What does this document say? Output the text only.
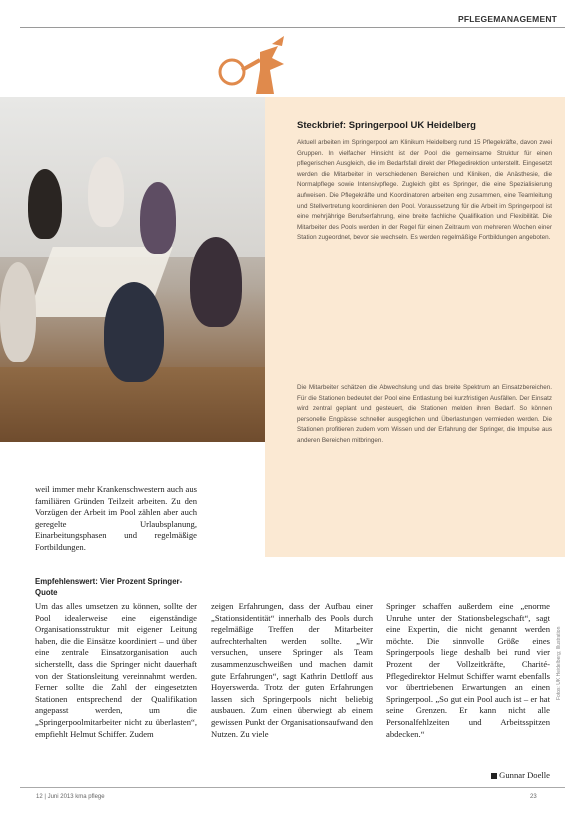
PFLEGEMANAGEMENT
Steckbrief: Springerpool UK Heidelberg

Aktuell arbeiten im Springerpool am Klinikum Heidelberg rund 15 Pflegekräfte, davon zwei Gruppen. In vielfacher Hinsicht ist der Pool die gemeinsame Struktur für einen pflegerischen Ausgleich, die im Bedarfsfall direkt der Pflegedirektion unterstellt. Eingesetzt werden die Mitarbeiter in verschiedenen Bereichen und Kliniken, die Anästhesie, die Normalpflege sowie Intensivpflege. Zugleich gibt es Springer, die eine Spezialisierung aufweisen. Die Pflegekräfte und Koordinatoren arbeiten eng zusammen, eine Teamleitung und Stellvertretung koordinieren den Pool. Voraussetzung für die Arbeit im Springerpool ist eine mehrjährige Berufserfahrung, eine breite fachliche Qualifikation und Flexibilität. Die Mitarbeiter des Pools werden in der Regel für einen Zeitraum von mehreren Wochen einer Station zugeordnet, bevor sie wechseln. Es werden regelmäßige Fortbildungen angeboten.

Die Mitarbeiter schätzen die Abwechslung und das breite Spektrum an Einsatzbereichen. Für die Stationen bedeutet der Pool eine Entlastung bei kurzfristigen Ausfällen. Der Einsatz wird zentral geplant und gesteuert, die Stationen melden ihren Bedarf. So können personelle Engpässe schneller ausgeglichen und Überlastungen vermieden werden. Die Stationen profitieren zudem vom Wissen und der Erfahrung der Springer, die Impulse aus anderen Bereichen mitbringen.

weil immer mehr Krankenschwestern auch aus familiären Gründen Teilzeit arbeiten. Zu den Vorzügen der Arbeit im Pool zählen aber auch geregelte Urlaubsplanung, Einarbeitungsphasen und regelmäßige Fortbildungen.

Empfehlenswert: Vier Prozent Springer-Quote

Um das alles umsetzen zu können, sollte der Pool idealerweise eine eigenständige Organisationsstruktur mit eigener Leitung haben, die die Einsätze koordiniert – und über eine zentrale Einsatzorganisation auch sicherstellt, dass die Springer nicht dauerhaft von der Stationsleitung vereinnahmt werden. Ferner sollte die Zahl der eingesetzten Stationen entsprechend der Qualifikation angepasst werden, um die „Springerpoolmitarbeiter nicht zu überlasten“, empfiehlt Helmut Schiffer. Zudem

zeigen Erfahrungen, dass der Aufbau einer „Stationsidentität“ innerhalb des Pools durch regelmäßige Treffen der Mitarbeiter aufrechterhalten werden sollte. „Wir versuchen, unsere Springer als Team zusammenzuschweißen und machen damit gute Erfahrungen“, sagt Kathrin Dettloff aus Hoyerswerda. Trotz der guten Erfahrungen lassen sich Springerpools nicht beliebig ausbauen. Zum einen überwiegt ab einem gewissen Punkt der Organisationsaufwand den Nutzen. Zu viele

Springer schaffen außerdem eine „enorme Unruhe unter der Stationsbelegschaft“, sagt eine Expertin, die nicht genannt werden möchte. Die sinnvolle Größe eines Springerpools liege deshalb bei rund vier Prozent der Vollzeitkräfte, Charité-Pflegedirektor Helmut Schiffer warnt ebenfalls vor übertriebenen Erwartungen an einen Springerpool. „So gut ein Pool auch ist – er hat seine Grenzen. Er kann nicht alle Personalfehlzeiten und Arbeitsspitzen abdecken.“

Gunnar Doelle
Fotos: UK Heidelberg; Illustration
12 | Juni 2013 kma pflege	23
